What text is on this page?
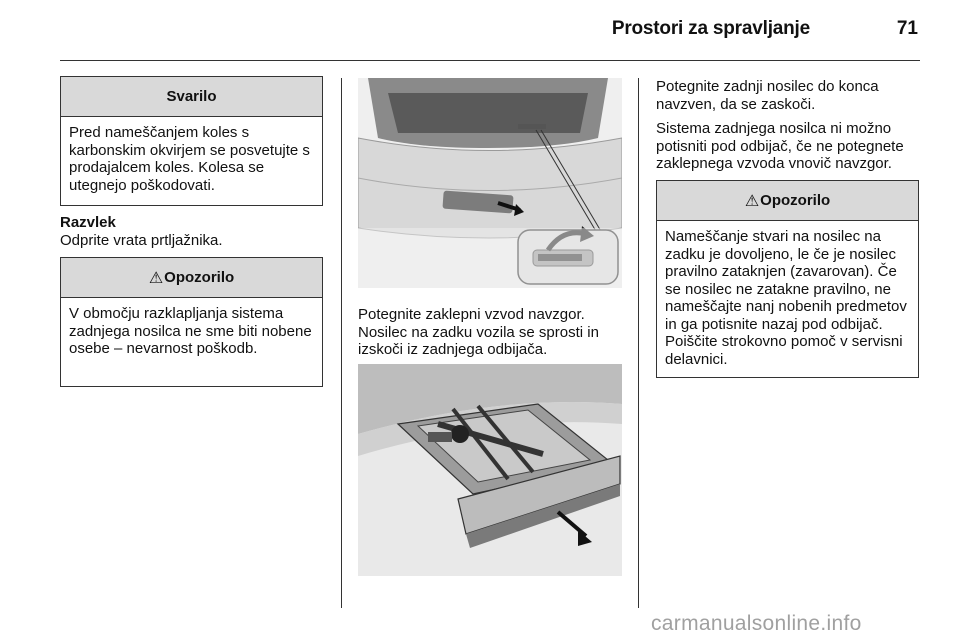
Prostori za spravljanje	71
Svarilo
Pred nameščanjem koles s karbonskim okvirjem se posvetujte s prodajalcem koles. Kolesa se utegnejo poškodovati.
Razvlek
Odprite vrata prtljažnika.
⚠ Opozorilo
V območju razklapljanja sistema zadnjega nosilca ne sme biti nobene osebe – nevarnost poškodb.
Potegnite zaklepni vzvod navzgor. Nosilec na zadku vozila se sprosti in izskoči iz zadnjega odbijača.
Potegnite zadnji nosilec do konca navzven, da se zaskoči.
Sistema zadnjega nosilca ni možno potisniti pod odbijač, če ne potegnete zaklepnega vzvoda vnovič navzgor.
⚠ Opozorilo
Nameščanje stvari na nosilec na zadku je dovoljeno, le če je nosilec pravilno zataknjen (zavarovan). Če se nosilec ne zatakne pravilno, ne nameščajte nanj nobenih predmetov in ga potisnite nazaj pod odbijač. Poiščite strokovno pomoč v servisni delavnici.
carmanualsonline.info
